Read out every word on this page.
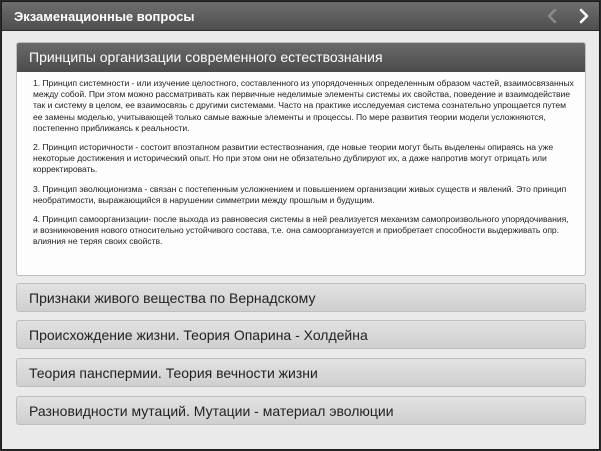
Экзаменационные вопросы
Принципы организации современного естествознания

1. Принцип системности - или изучение целостного, составленного из упорядоченных определенным образом частей, взаимосвязанных между собой. При этом можно рассматривать как первичные неделимые элементы системы их свойства, поведение и взаимодействие так и систему в целом, ее взаимосвязь с другими системами. Часто на практике исследуемая система сознательно упрощается путем ее замены моделью, учитывающей только самые важные элементы и процессы. По мере развития теории модели усложняются, постепенно приближаясь к реальности.

2. Принцип историчности - состоит впоэтапном развитии естествознания, где новые теории могут быть выделены опираясь на уже некоторые достижения и исторический опыт. Но при этом они не обязательно дублируют их, а даже напротив могут отрицать или корректировать.

3. Принцип эволюционизма - связан с постепенным усложнением и повышением организации живых существ и явлений. Это принцип необратимости, выражающийся в нарушении симметрии между прошлым и будущим.

4. Принцип самоорганизации- после выхода из равновесия системы в ней реализуется механизм самопроизвольного упорядочивания, и возникновения нового относительно устойчивого состава, т.е. она самоорганизуется и приобретает способности выдерживать опр. влияния не теряя своих свойств.

Признаки живого вещества по Вернадскому
Происхождение жизни. Теория Опарина - Холдейна
Теория панспермии. Теория вечности жизни
Разновидности мутаций. Мутации - материал эволюции
